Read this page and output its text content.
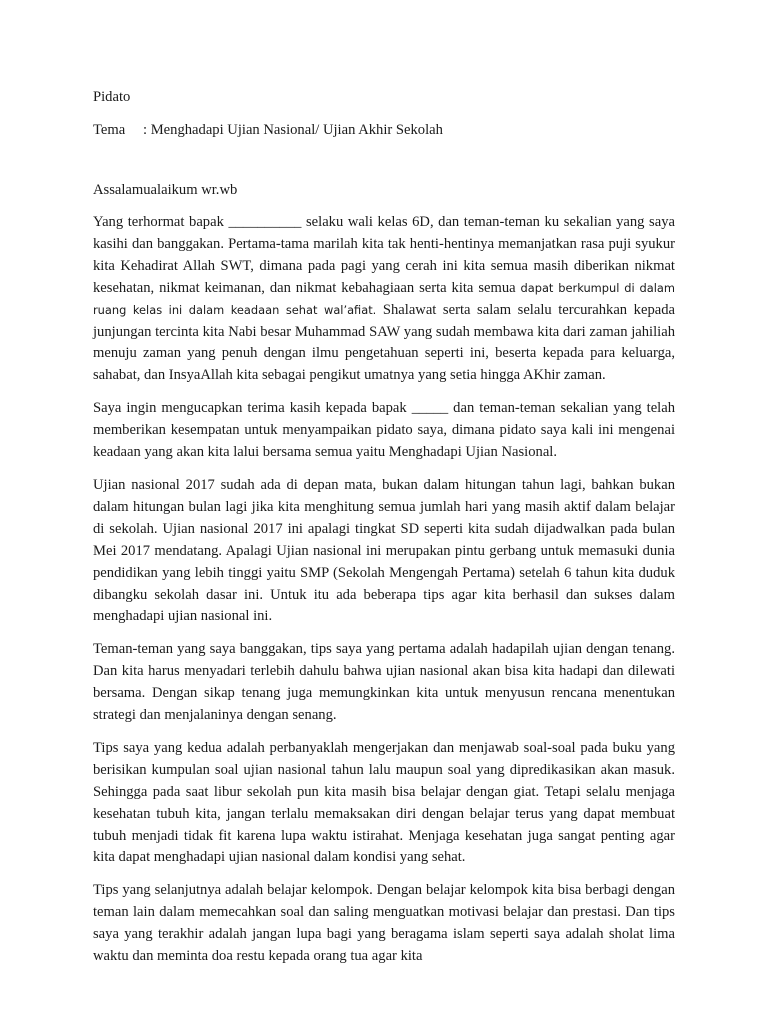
Pidato

Tema : Menghadapi Ujian Nasional/ Ujian Akhir Sekolah

Assalamualaikum wr.wb

Yang terhormat bapak __________ selaku wali kelas 6D, dan teman-teman ku sekalian yang saya kasihi dan banggakan. Pertama-tama marilah kita tak henti-hentinya memanjatkan rasa puji syukur kita Kehadirat Allah SWT, dimana pada pagi yang cerah ini kita semua masih diberikan nikmat kesehatan, nikmat keimanan, dan nikmat kebahagiaan serta kita semua dapat berkumpul di dalam ruang kelas ini dalam keadaan sehat wal’afiat. Shalawat serta salam selalu tercurahkan kepada junjungan tercinta kita Nabi besar Muhammad SAW yang sudah membawa kita dari zaman jahiliah menuju zaman yang penuh dengan ilmu pengetahuan seperti ini, beserta kepada para keluarga, sahabat, dan InsyaAllah kita sebagai pengikut umatnya yang setia hingga AKhir zaman.

Saya ingin mengucapkan terima kasih kepada bapak _____ dan teman-teman sekalian yang telah memberikan kesempatan untuk menyampaikan pidato saya, dimana pidato saya kali ini mengenai keadaan yang akan kita lalui bersama semua yaitu Menghadapi Ujian Nasional.

Ujian nasional 2017 sudah ada di depan mata, bukan dalam hitungan tahun lagi, bahkan bukan dalam hitungan bulan lagi jika kita menghitung semua jumlah hari yang masih aktif dalam belajar di sekolah. Ujian nasional 2017 ini apalagi tingkat SD seperti kita sudah dijadwalkan pada bulan Mei 2017 mendatang. Apalagi Ujian nasional ini merupakan pintu gerbang untuk memasuki dunia pendidikan yang lebih tinggi yaitu SMP (Sekolah Mengengah Pertama) setelah 6 tahun kita duduk dibangku sekolah dasar ini. Untuk itu ada beberapa tips agar kita berhasil dan sukses dalam menghadapi ujian nasional ini.

Teman-teman yang saya banggakan, tips saya yang pertama adalah hadapilah ujian dengan tenang. Dan kita harus menyadari terlebih dahulu bahwa ujian nasional akan bisa kita hadapi dan dilewati bersama. Dengan sikap tenang juga memungkinkan kita untuk menyusun rencana menentukan strategi dan menjalaninya dengan senang.

Tips saya yang kedua adalah perbanyaklah mengerjakan dan menjawab soal-soal pada buku yang berisikan kumpulan soal ujian nasional tahun lalu maupun soal yang dipredikasikan akan masuk. Sehingga pada saat libur sekolah pun kita masih bisa belajar dengan giat. Tetapi selalu menjaga kesehatan tubuh kita, jangan terlalu memaksakan diri dengan belajar terus yang dapat membuat tubuh menjadi tidak fit karena lupa waktu istirahat. Menjaga kesehatan juga sangat penting agar kita dapat menghadapi ujian nasional dalam kondisi yang sehat.

Tips yang selanjutnya adalah belajar kelompok. Dengan belajar kelompok kita bisa berbagi dengan teman lain dalam memecahkan soal dan saling menguatkan motivasi belajar dan prestasi. Dan tips saya yang terakhir adalah jangan lupa bagi yang beragama islam seperti saya adalah sholat lima waktu dan meminta doa restu kepada orang tua agar kita
